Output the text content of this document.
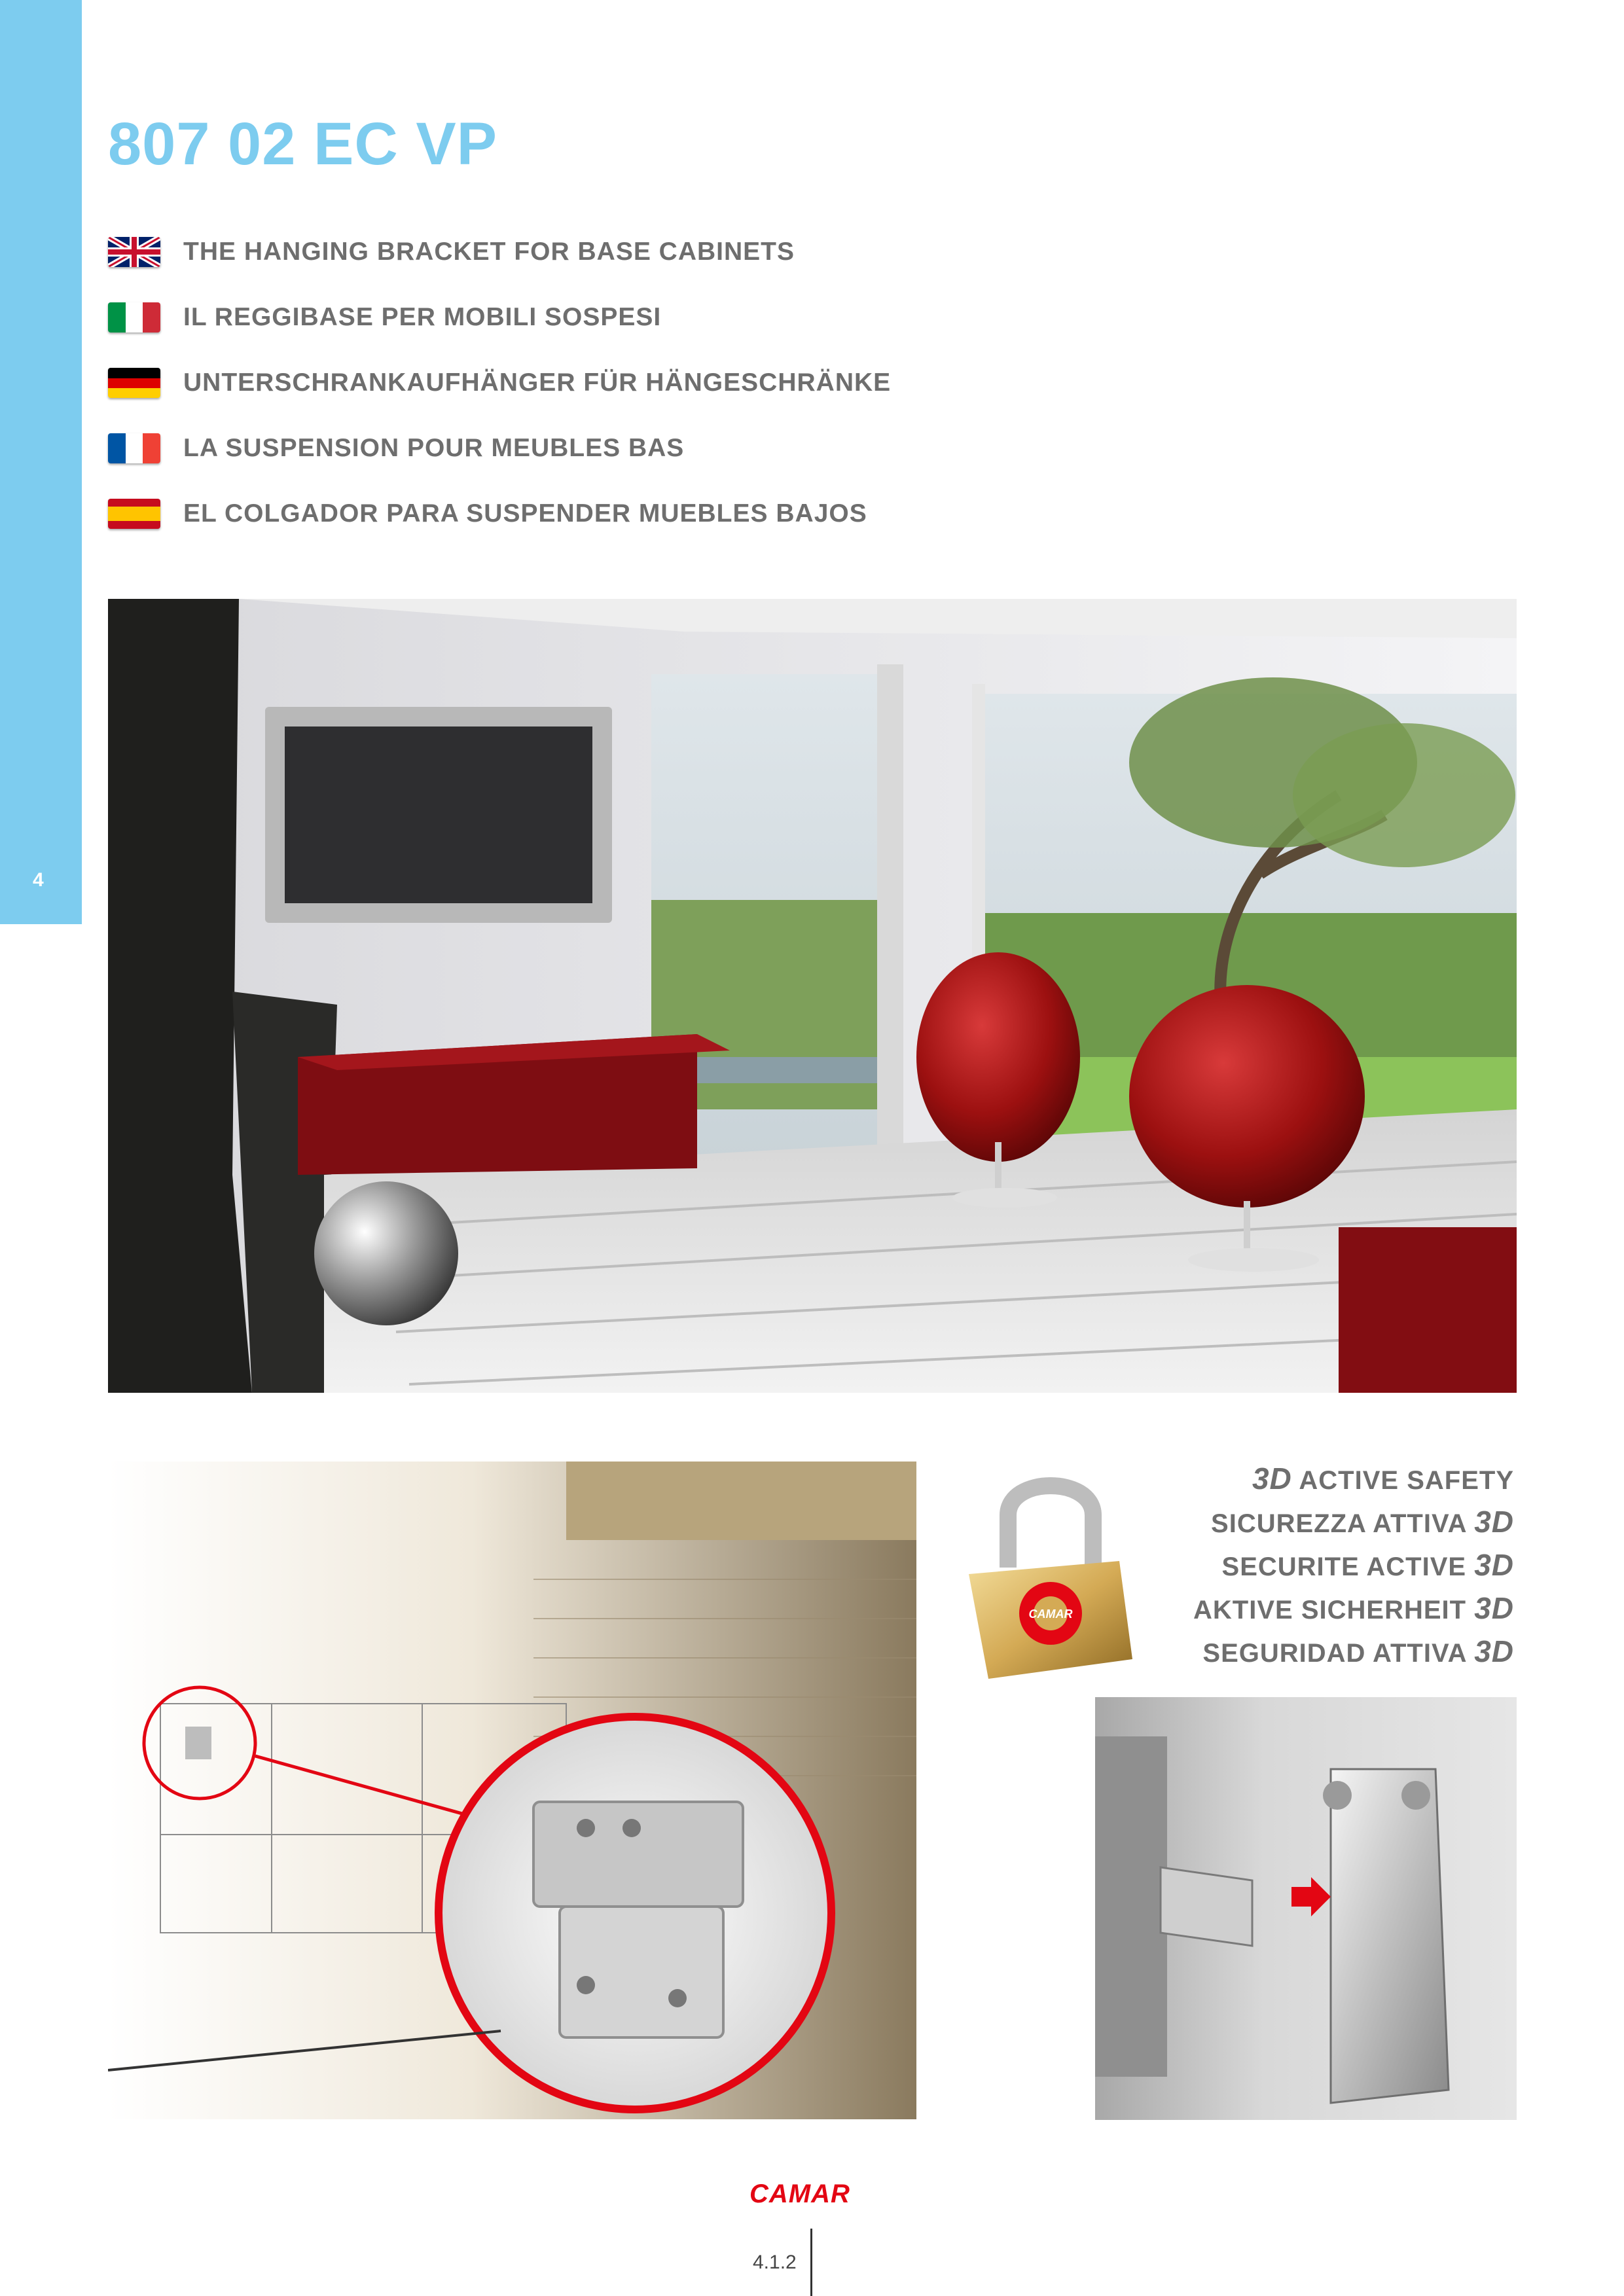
4
807 02 EC VP
THE HANGING BRACKET FOR BASE CABINETS
IL REGGIBASE PER MOBILI SOSPESI
UNTERSCHRANKAUFHÄNGER FÜR HÄNGESCHRÄNKE
LA SUSPENSION POUR MEUBLES BAS
EL COLGADOR PARA SUSPENDER MUEBLES BAJOS
3D ACTIVE SAFETY
SICUREZZA ATTIVA 3D
SECURITE ACTIVE 3D
AKTIVE SICHERHEIT 3D
SEGURIDAD ATTIVA 3D
CAMAR
CAMAR
4.1.2
